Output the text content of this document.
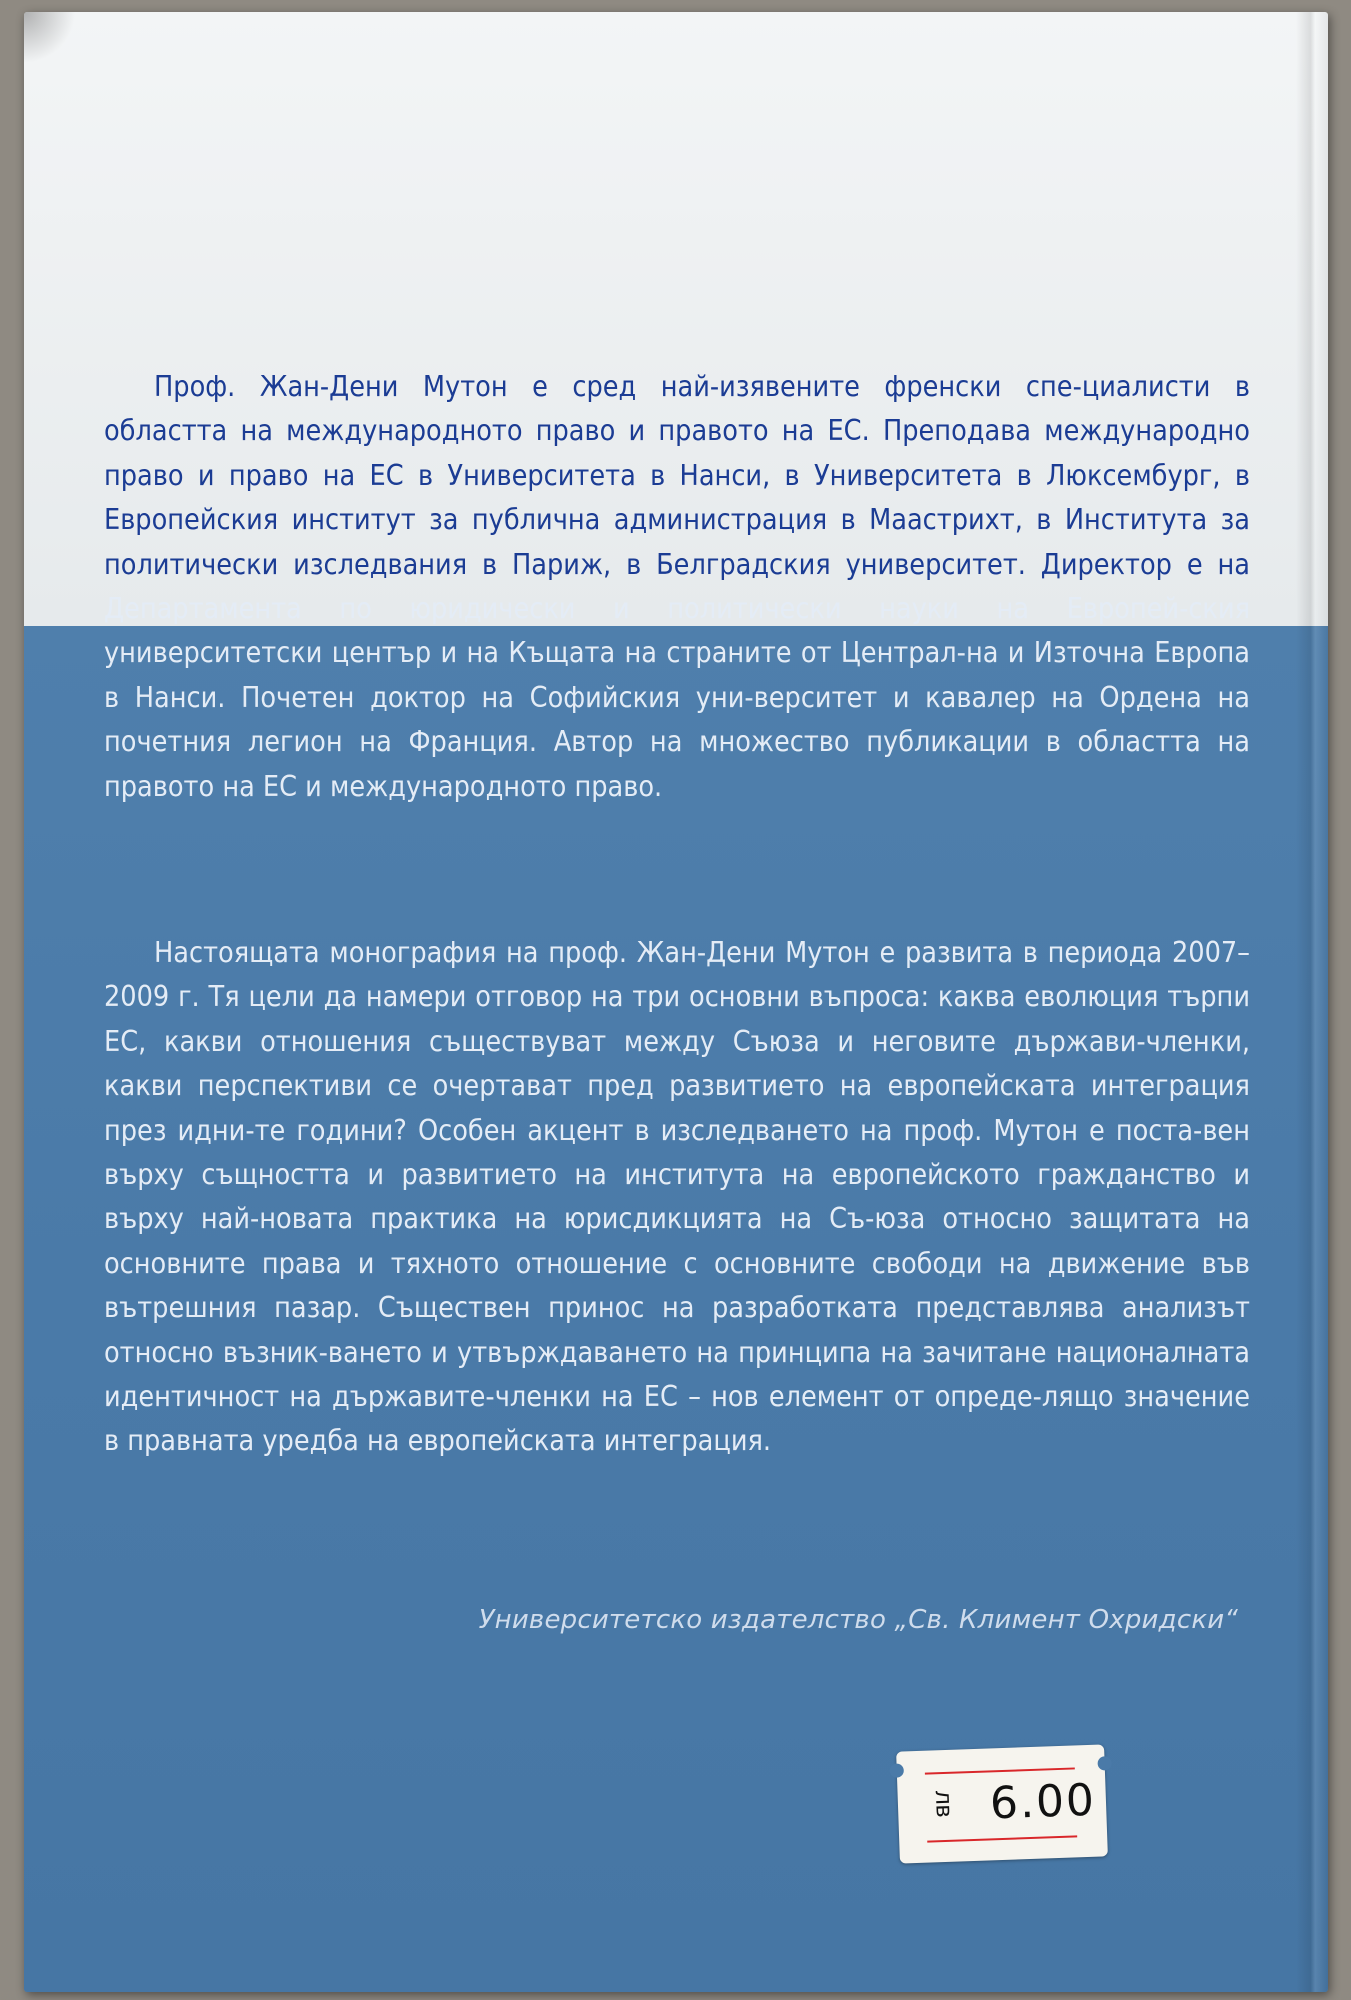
Проф. Жан-Дени Мутон е сред най-изявените френски спе-циалисти в областта на международното право и правото на ЕС. Преподава международно право и право на ЕС в Университета в Нанси, в Университета в Люксембург, в Европейския институт за публична администрация в Маастрихт, в Института за политически изследвания в Париж, в Белградския университет. Директор е на Департамента по юридически и политически науки на Европей-ския университетски център и на Къщата на страните от Централ-на и Източна Европа в Нанси. Почетен доктор на Софийския уни-верситет и кавалер на Ордена на почетния легион на Франция. Автор на множество публикации в областта на правото на ЕС и международното право.

Настоящата монография на проф. Жан-Дени Мутон е развита в периода 2007–2009 г. Тя цели да намери отговор на три основни въпроса: каква еволюция търпи ЕС, какви отношения съществуват между Съюза и неговите държави-членки, какви перспективи се очертават пред развитието на европейската интеграция през идни-те години? Особен акцент в изследването на проф. Мутон е поста-вен върху същността и развитието на института на европейското гражданство и върху най-новата практика на юрисдикцията на Съ-юза относно защитата на основните права и тяхното отношение с основните свободи на движение във вътрешния пазар. Съществен принос на разработката представлява анализът относно възник-ването и утвърждаването на принципа на зачитане националната идентичност на държавите-членки на ЕС – нов елемент от опреде-лящо значение в правната уредба на европейската интеграция.

Университетско издателство „Св. Климент Охридски“

лв 6.00
